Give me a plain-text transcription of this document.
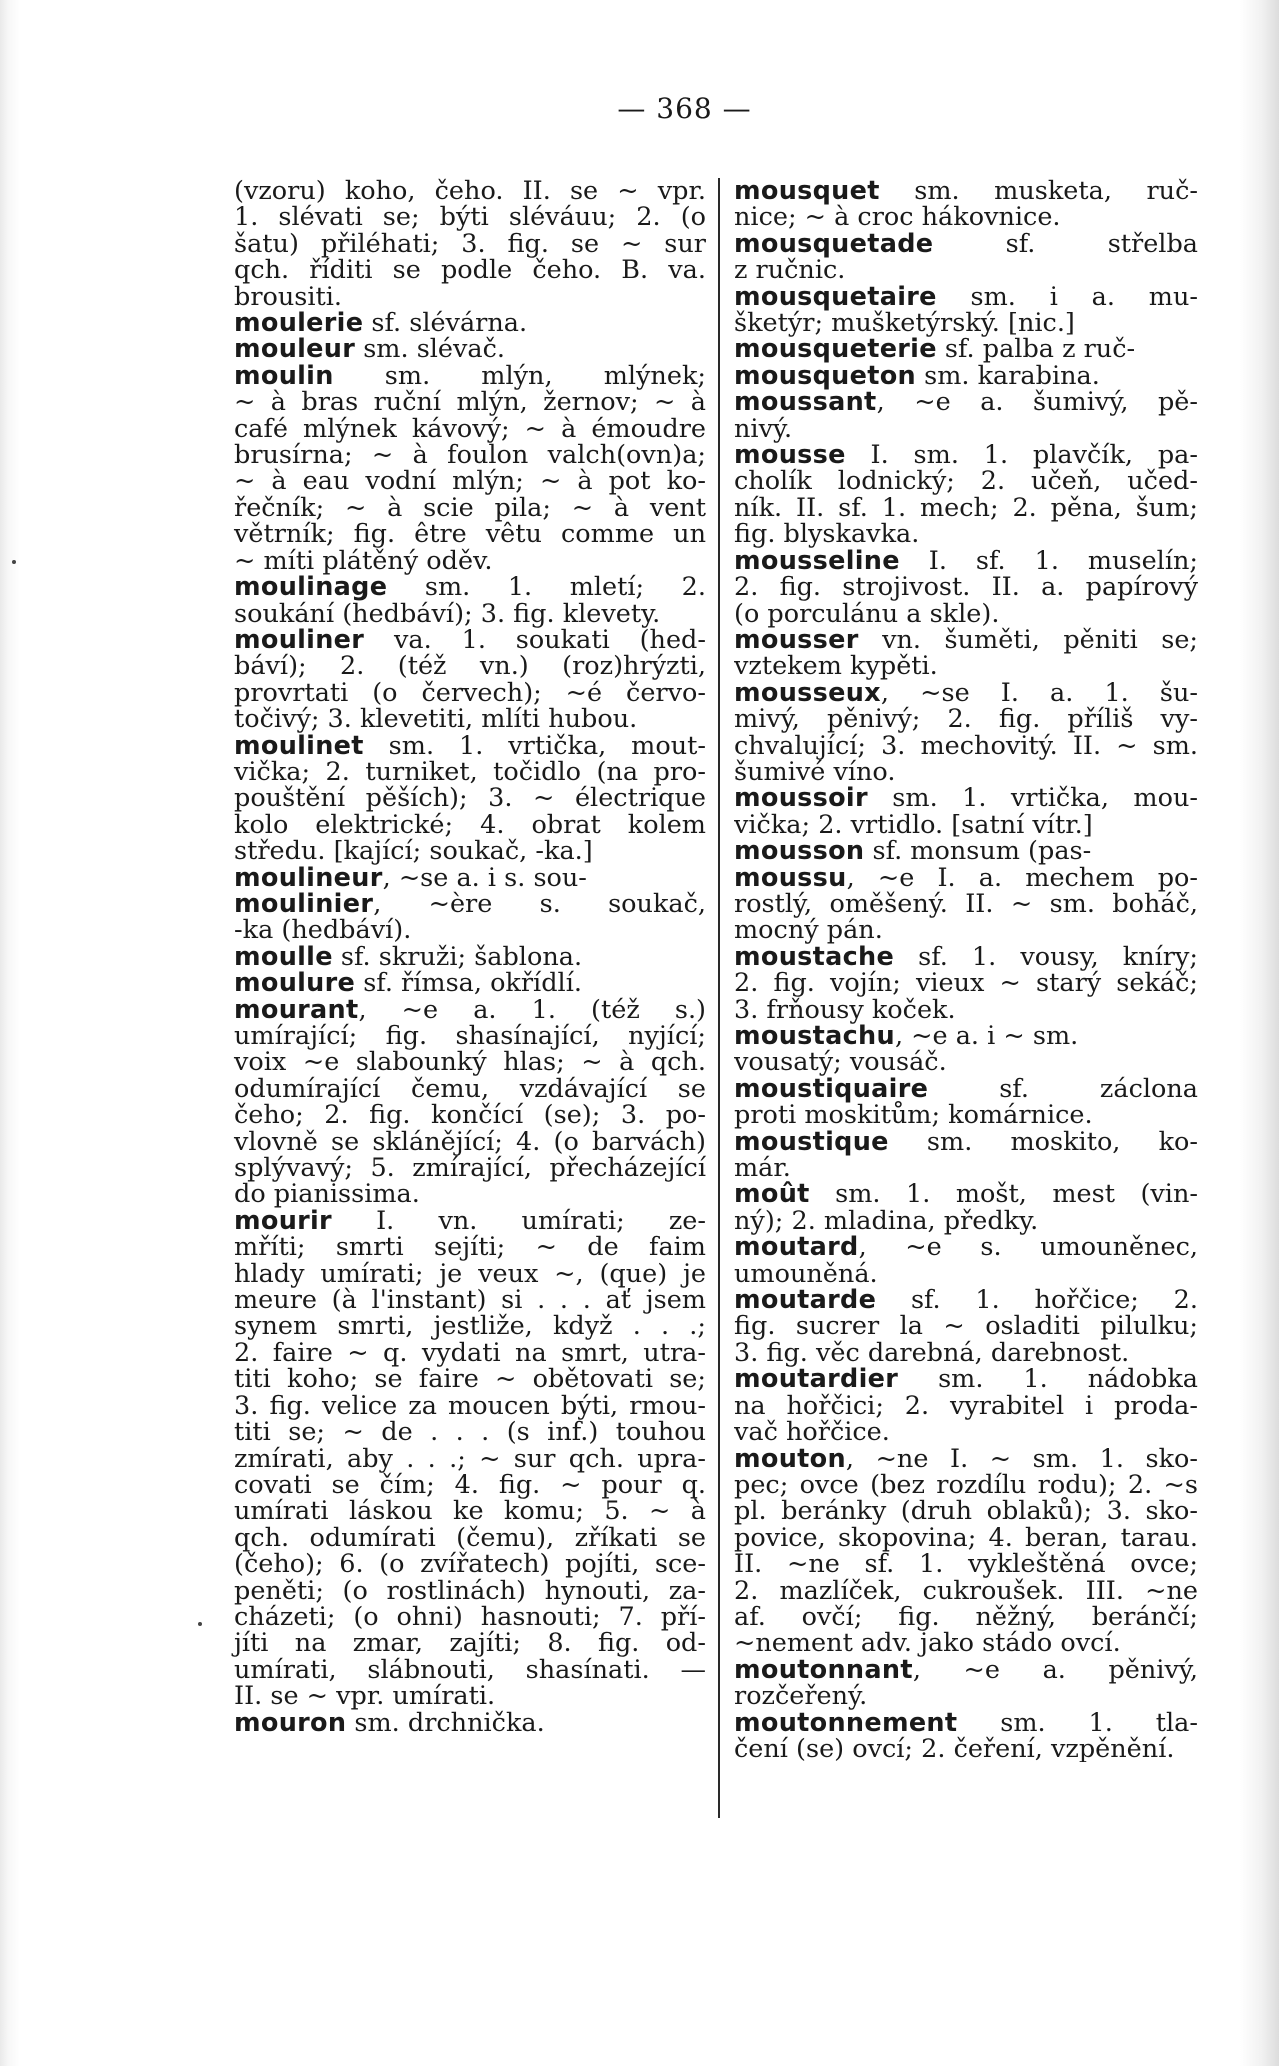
— 368 —
(vzoru) koho, čeho. II. se ~ vpr.
1. slévati se; býti sléváuu; 2. (o
šatu) přiléhati; 3. fig. se ~ sur
qch. říditi se podle čeho. B. va.
brousiti.
moulerie sf. slévárna.
mouleur sm. slévač.
moulin sm. mlýn, mlýnek;
~ à bras ruční mlýn, žernov; ~ à
café mlýnek kávový; ~ à émoudre
brusírna; ~ à foulon valch(ovn)a;
~ à eau vodní mlýn; ~ à pot ko-
řečník; ~ à scie pila; ~ à vent
větrník; fig. être vêtu comme un
~ míti plátěný oděv.
moulinage sm. 1. mletí; 2.
soukání (hedbáví); 3. fig. klevety.
mouliner va. 1. soukati (hed-
báví); 2. (též vn.) (roz)hrýzti,
provrtati (o červech); ~é červo-
točivý; 3. klevetiti, mlíti hubou.
moulinet sm. 1. vrtička, mout-
vička; 2. turniket, točidlo (na pro-
pouštění pěších); 3. ~ électrique
kolo elektrické; 4. obrat kolem
středu. [kající; soukač, -ka.]
moulineur, ~se a. i s. sou-
moulinier, ~ère s. soukač,
-ka (hedbáví).
moulle sf. skruži; šablona.
moulure sf. římsa, okřídlí.
mourant, ~e a. 1. (též s.)
umírající; fig. shasínající, nyjící;
voix ~e slabounký hlas; ~ à qch.
odumírající čemu, vzdávající se
čeho; 2. fig. končící (se); 3. po-
vlovně se sklánějící; 4. (o barvách)
splývavý; 5. zmírající, přecházející
do pianissima.
mourir I. vn. umírati; ze-
mříti; smrti sejíti; ~ de faim
hlady umírati; je veux ~, (que) je
meure (à l'instant) si . . . ať jsem
synem smrti, jestliže, když . . .;
2. faire ~ q. vydati na smrt, utra-
titi koho; se faire ~ obětovati se;
3. fig. velice za moucen býti, rmou-
titi se; ~ de . . . (s inf.) touhou
zmírati, aby . . .; ~ sur qch. upra-
covati se čím; 4. fig. ~ pour q.
umírati láskou ke komu; 5. ~ à
qch. odumírati (čemu), zříkati se
(čeho); 6. (o zvířatech) pojíti, sce-
peněti; (o rostlinách) hynouti, za-
cházeti; (o ohni) hasnouti; 7. pří-
jíti na zmar, zajíti; 8. fig. od-
umírati, slábnouti, shasínati. —
II. se ~ vpr. umírati.
mouron sm. drchnička.
mousquet sm. musketa, ruč-
nice; ~ à croc hákovnice.
mousquetade sf. střelba
z ručnic.
mousquetaire sm. i a. mu-
šketýr; mušketýrský. [nic.]
mousqueterie sf. palba z ruč-
mousqueton sm. karabina.
moussant, ~e a. šumivý, pě-
nivý.
mousse I. sm. 1. plavčík, pa-
cholík lodnický; 2. učeň, učed-
ník. II. sf. 1. mech; 2. pěna, šum;
fig. blyskavka.
mousseline I. sf. 1. muselín;
2. fig. strojivost. II. a. papírový
(o porculánu a skle).
mousser vn. šuměti, pěniti se;
vztekem kypěti.
mousseux, ~se I. a. 1. šu-
mivý, pěnivý; 2. fig. příliš vy-
chvalující; 3. mechovitý. II. ~ sm.
šumivé víno.
moussoir sm. 1. vrtička, mou-
vička; 2. vrtidlo. [satní vítr.]
mousson sf. monsum (pas-
moussu, ~e I. a. mechem po-
rostlý, oměšený. II. ~ sm. boháč,
mocný pán.
moustache sf. 1. vousy, kníry;
2. fig. vojín; vieux ~ starý sekáč;
3. frňousy koček.
moustachu, ~e a. i ~ sm.
vousatý; vousáč.
moustiquaire sf. záclona
proti moskitům; komárnice.
moustique sm. moskito, ko-
már.
moût sm. 1. mošt, mest (vin-
ný); 2. mladina, předky.
moutard, ~e s. umouněnec,
umouněná.
moutarde sf. 1. hořčice; 2.
fig. sucrer la ~ osladiti pilulku;
3. fig. věc darebná, darebnost.
moutardier sm. 1. nádobka
na hořčici; 2. vyrabitel i proda-
vač hořčice.
mouton, ~ne I. ~ sm. 1. sko-
pec; ovce (bez rozdílu rodu); 2. ~s
pl. beránky (druh oblaků); 3. sko-
povice, skopovina; 4. beran, tarau.
II. ~ne sf. 1. vykleštěná ovce;
2. mazlíček, cukroušek. III. ~ne
af. ovčí; fig. něžný, beránčí;
~nement adv. jako stádo ovcí.
moutonnant, ~e a. pěnivý,
rozčeřený.
moutonnement sm. 1. tla-
čení (se) ovcí; 2. čeření, vzpěnění.
